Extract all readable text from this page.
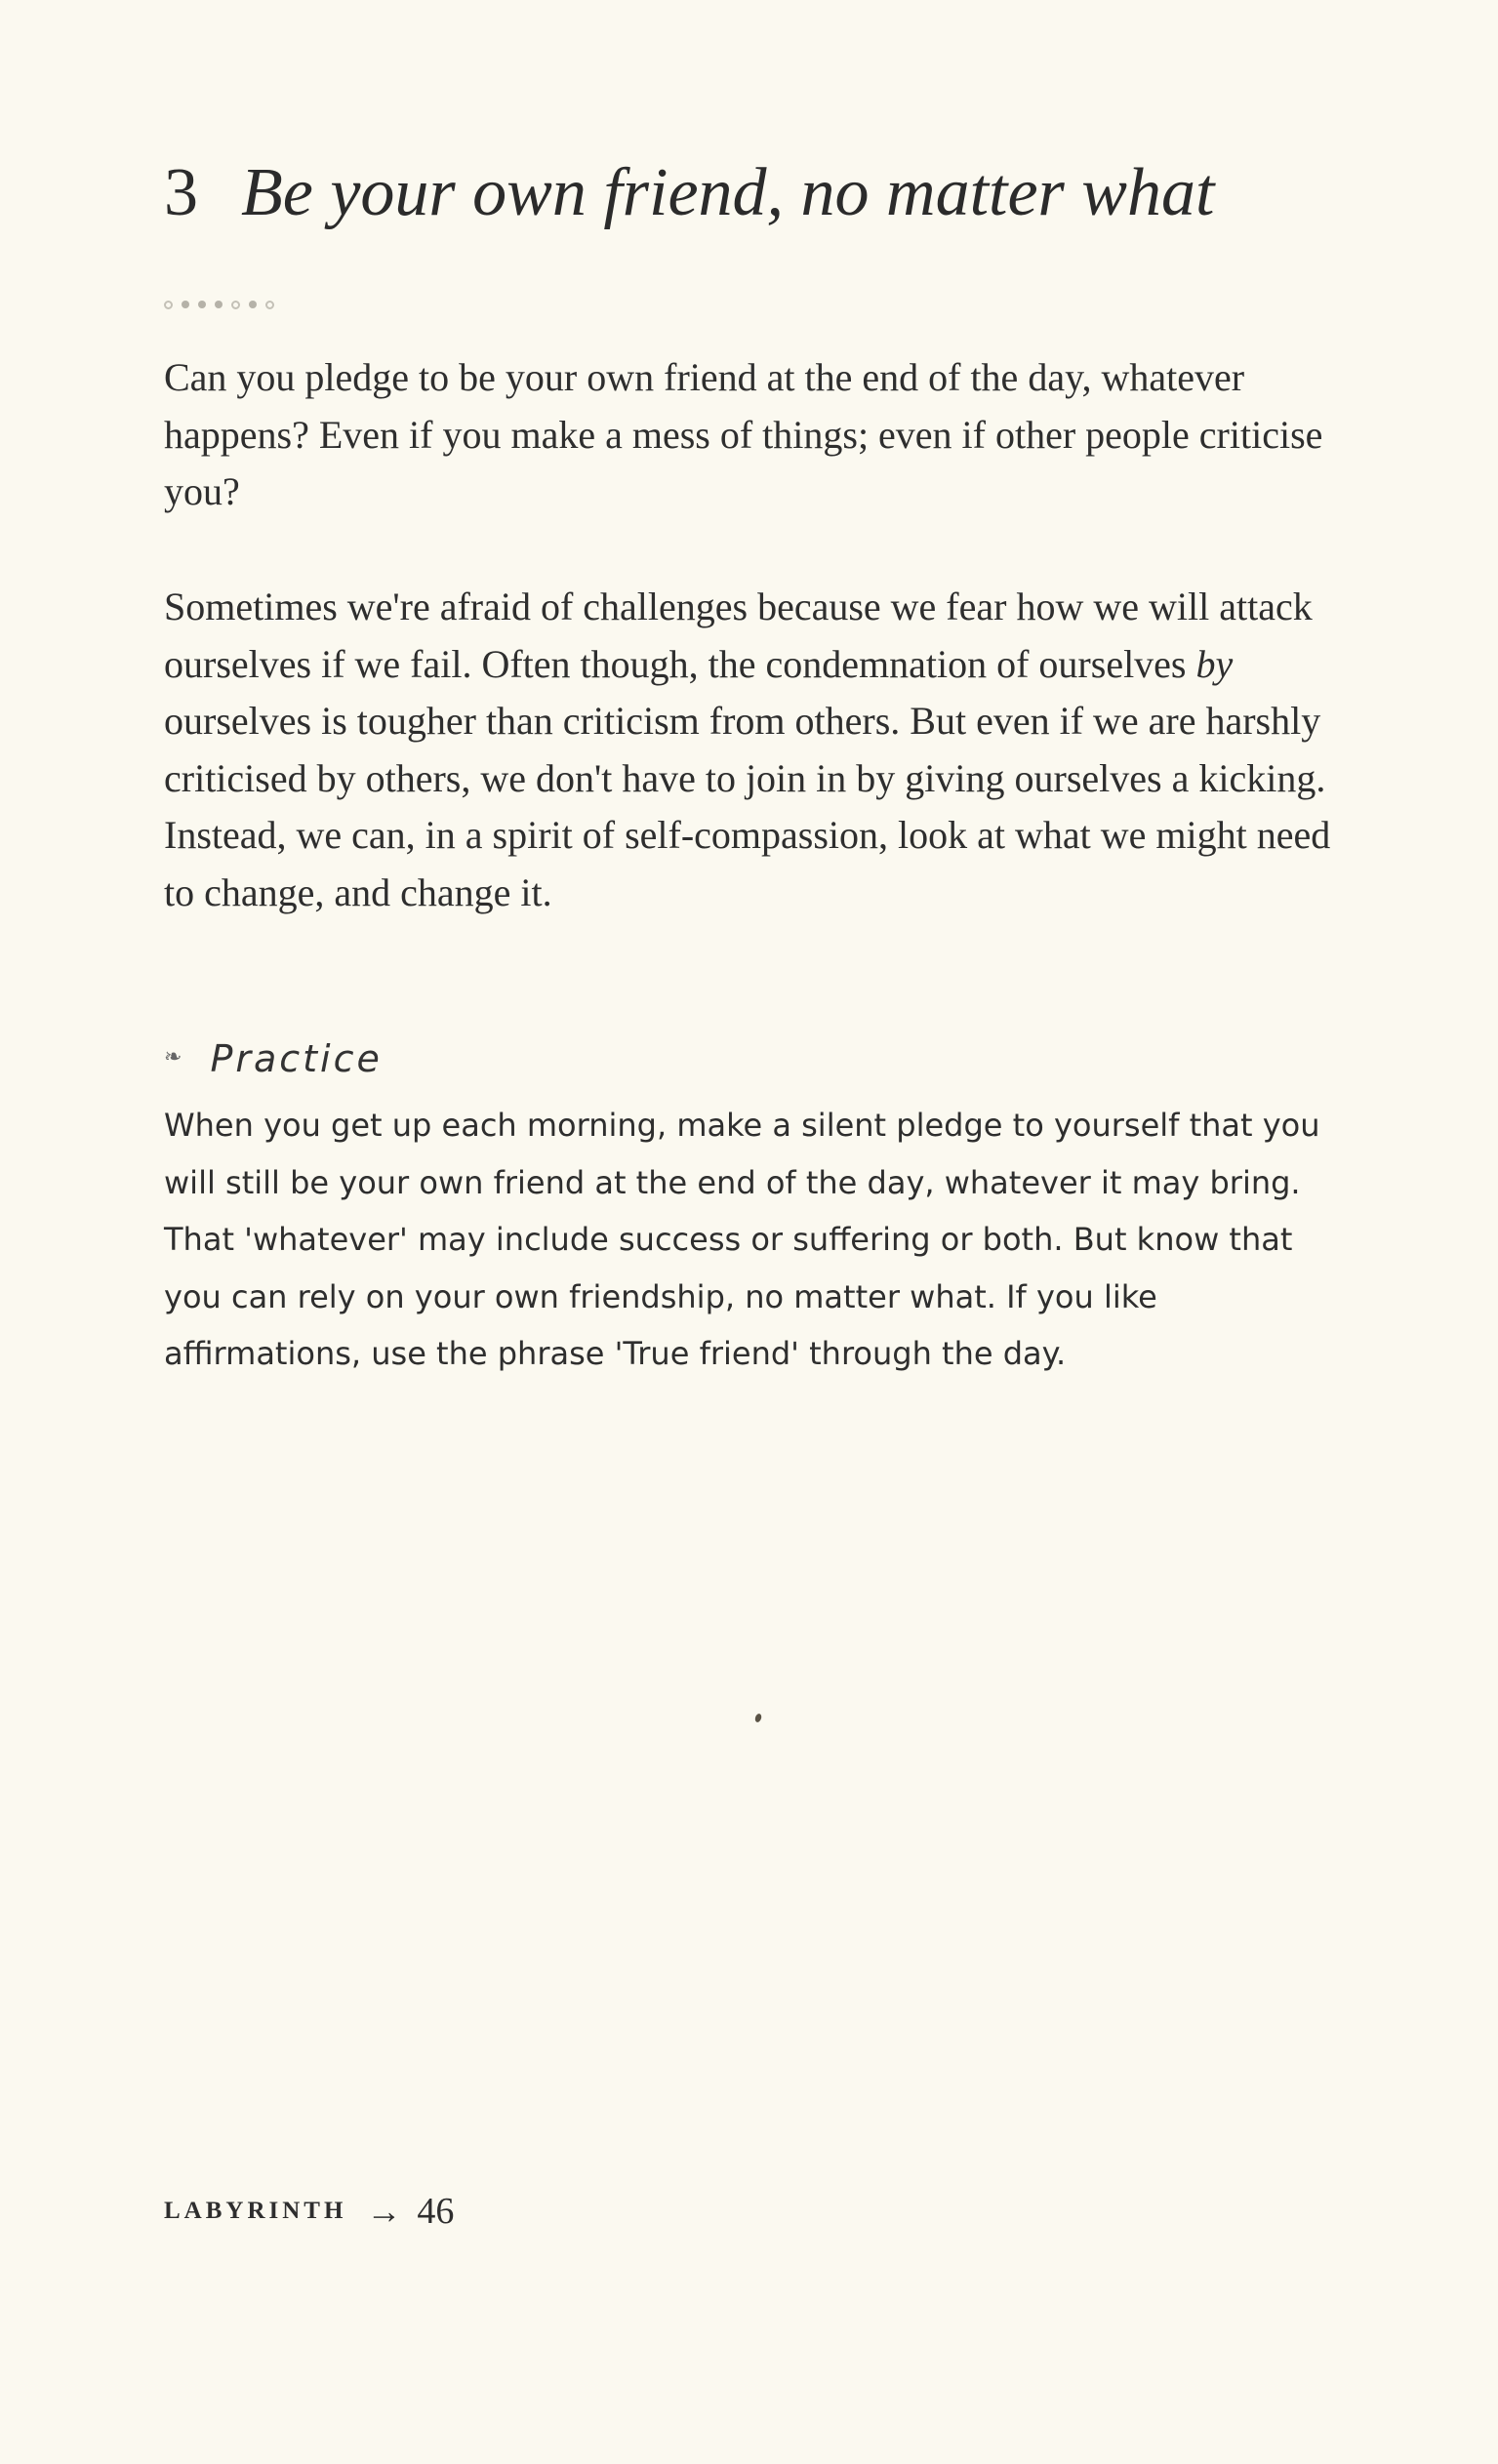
3 Be your own friend, no matter what

Can you pledge to be your own friend at the end of the day, whatever happens? Even if you make a mess of things; even if other people criticise you?

Sometimes we're afraid of challenges because we fear how we will attack ourselves if we fail. Often though, the condemnation of ourselves by ourselves is tougher than criticism from others. But even if we are harshly criticised by others, we don't have to join in by giving ourselves a kicking. Instead, we can, in a spirit of self-compassion, look at what we might need to change, and change it.

❧ Practice

When you get up each morning, make a silent pledge to yourself that you will still be your own friend at the end of the day, whatever it may bring. That 'whatever' may include success or suffering or both. But know that you can rely on your own friendship, no matter what. If you like affirmations, use the phrase 'True friend' through the day.

LABYRINTH → 46
